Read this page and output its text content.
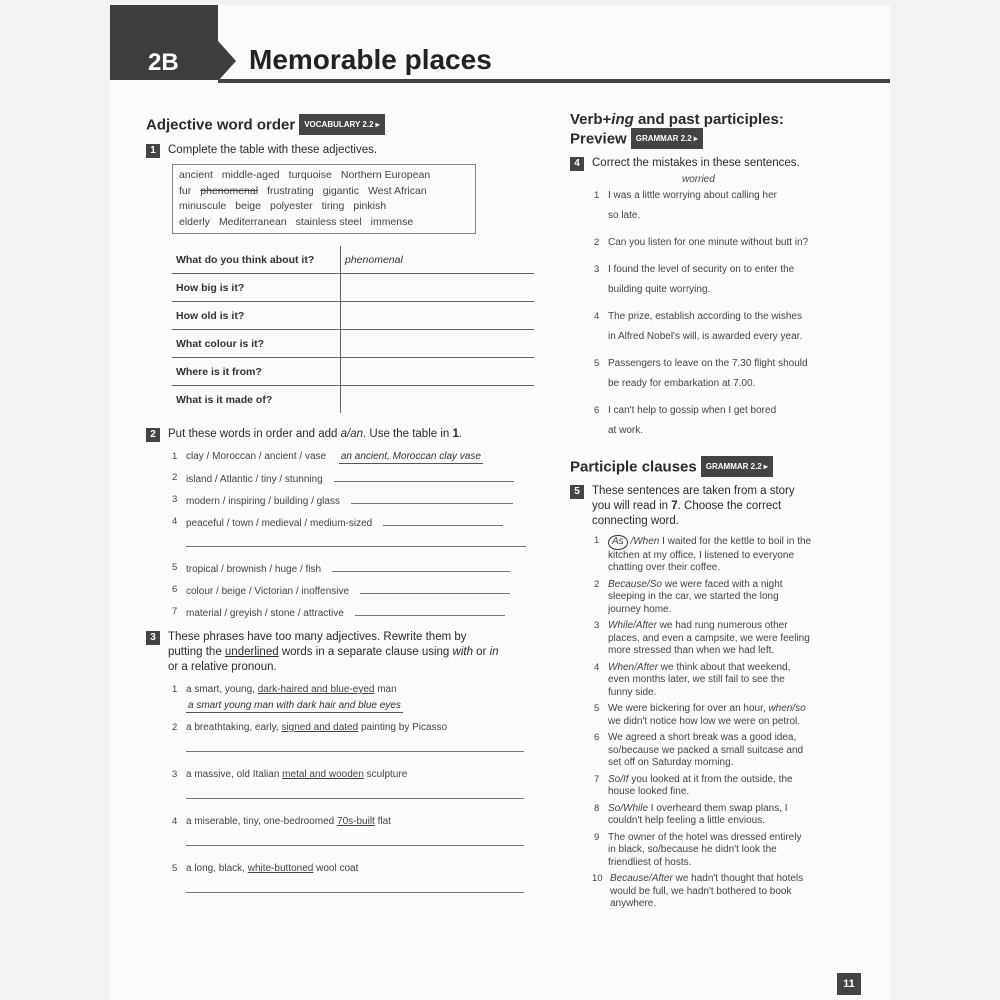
2B	Memorable places
Adjective word order VOCABULARY 2.2 ▸
1	Complete the table with these adjectives.
ancient middle-aged turquoise Northern European
fur phenomenal frustrating gigantic West African
minuscule beige polyester tiring pinkish
elderly Mediterranean stainless steel immense
What do you think about it?	phenomenal
How big is it?	
How old is it?	
What colour is it?	
Where is it from?	
What is it made of?	
2	Put these words in order and add a/an. Use the table in 1.
1 clay / Moroccan / ancient / vase an ancient, Moroccan clay vase
2 island / Atlantic / tiny / stunning
3 modern / inspiring / building / glass
4 peaceful / town / medieval / medium-sized
5 tropical / brownish / huge / fish
6 colour / beige / Victorian / inoffensive
7 material / greyish / stone / attractive
3	These phrases have too many adjectives. Rewrite them by
putting the underlined words in a separate clause using with or in
or a relative pronoun.
1 a smart, young, dark-haired and blue-eyed man
a smart young man with dark hair and blue eyes
2 a breathtaking, early, signed and dated painting by Picasso
3 a massive, old Italian metal and wooden sculpture
4 a miserable, tiny, one-bedroomed 70s-built flat
5 a long, black, white-buttoned wool coat
Verb+ing and past participles:
Preview GRAMMAR 2.2 ▸
4	Correct the mistakes in these sentences.
worried
1 I was a little worrying about calling her
so late.
2 Can you listen for one minute without butt in?
3 I found the level of security on to enter the
building quite worrying.
4 The prize, establish according to the wishes
in Alfred Nobel's will, is awarded every year.
5 Passengers to leave on the 7.30 flight should
be ready for embarkation at 7.00.
6 I can't help to gossip when I get bored
at work.
Participle clauses GRAMMAR 2.2 ▸
5	These sentences are taken from a story
you will read in 7. Choose the correct
connecting word.
1 As /When I waited for the kettle to boil in the
kitchen at my office, I listened to everyone
chatting over their coffee.
2 Because/So we were faced with a night
sleeping in the car, we started the long
journey home.
3 While/After we had rung numerous other
places, and even a campsite, we were feeling
more stressed than when we had left.
4 When/After we think about that weekend,
even months later, we still fail to see the
funny side.
5 We were bickering for over an hour, when/so
we didn't notice how low we were on petrol.
6 We agreed a short break was a good idea,
so/because we packed a small suitcase and
set off on Saturday morning.
7 So/If you looked at it from the outside, the
house looked fine.
8 So/While I overheard them swap plans, I
couldn't help feeling a little envious.
9 The owner of the hotel was dressed entirely
in black, so/because he didn't look the
friendliest of hosts.
10 Because/After we hadn't thought that hotels
would be full, we hadn't bothered to book
anywhere.
11
